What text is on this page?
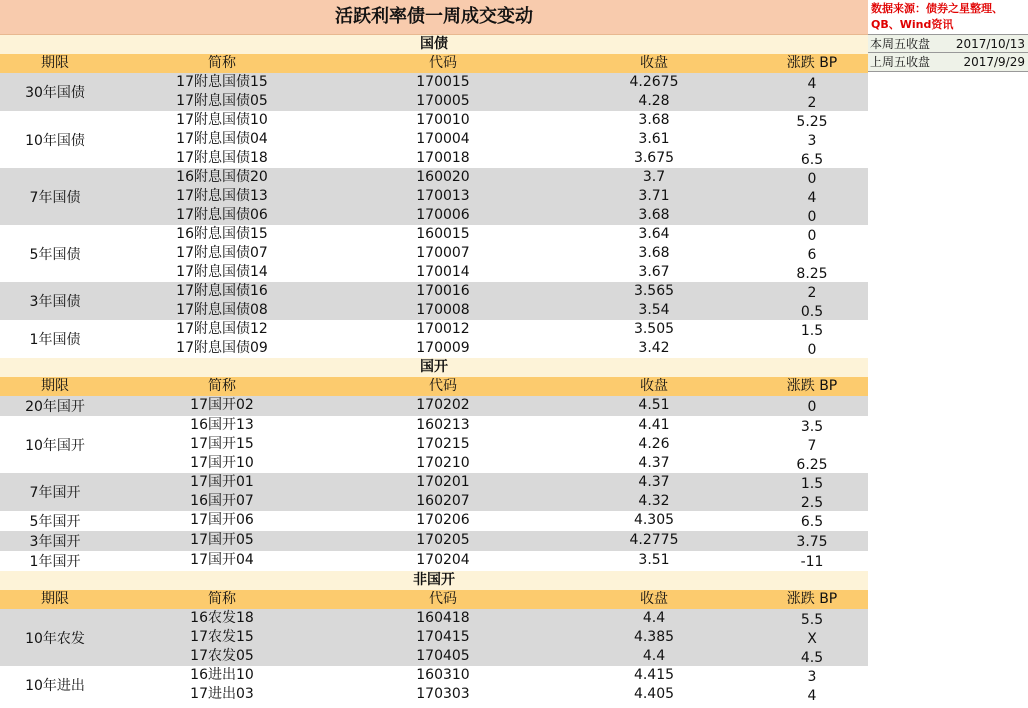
活跃利率债一周成交变动
国债
期限	简称	代码	收盘	涨跌 BP
30年国债
17附息国债15	170015	4.2675	4
17附息国债05	170005	4.28	2
10年国债
17附息国债10	170010	3.68	5.25
17附息国债04	170004	3.61	3
17附息国债18	170018	3.675	6.5
7年国债
16附息国债20	160020	3.7	0
17附息国债13	170013	3.71	4
17附息国债06	170006	3.68	0
5年国债
16附息国债15	160015	3.64	0
17附息国债07	170007	3.68	6
17附息国债14	170014	3.67	8.25
3年国债
17附息国债16	170016	3.565	2
17附息国债08	170008	3.54	0.5
1年国债
17附息国债12	170012	3.505	1.5
17附息国债09	170009	3.42	0
国开
期限	简称	代码	收盘	涨跌 BP
20年国开	17国开02	170202	4.51	0
10年国开
16国开13	160213	4.41	3.5
17国开15	170215	4.26	7
17国开10	170210	4.37	6.25
7年国开
17国开01	170201	4.37	1.5
16国开07	160207	4.32	2.5
5年国开	17国开06	170206	4.305	6.5
3年国开	17国开05	170205	4.2775	3.75
1年国开	17国开04	170204	3.51	-11
非国开
期限	简称	代码	收盘	涨跌 BP
10年农发
16农发18	160418	4.4	5.5
17农发15	170415	4.385	X
17农发05	170405	4.4	4.5
10年进出
16进出10	160310	4.415	3
17进出03	170303	4.405	4
数据来源：债券之星整理、QB、Wind资讯
本周五收盘	2017/10/13
上周五收盘	2017/9/29
